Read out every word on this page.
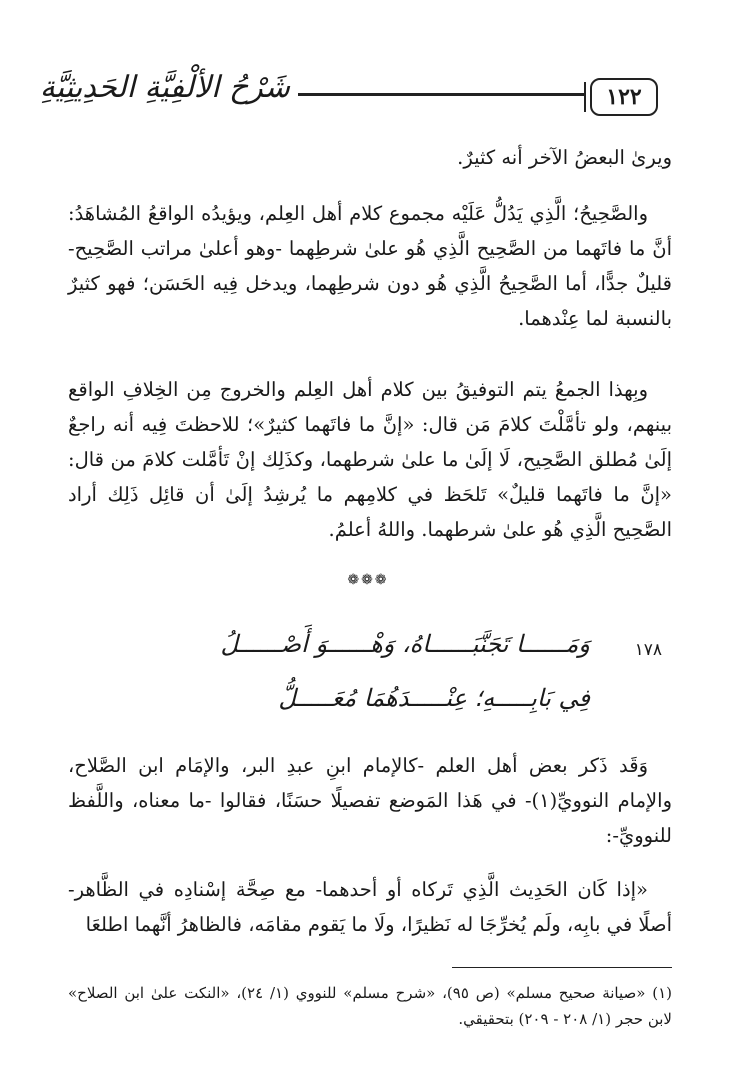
١٢٢
شَرْحُ الألْفِيَّةِ الحَدِيثِيَّةِ

ويرىٰ البعضُ الآخر أنه كثيرٌ.

والصَّحِيحُ؛ الَّذِي يَدُلُّ عَلَيْه مجموع كلام أهل العِلم، ويؤيدُه الواقعُ المُشاهَدُ: أنَّ ما فاتَهما من الصَّحِيح الَّذِي هُو علىٰ شرطِهما -وهو أعلىٰ مراتب الصَّحِيح- قليلٌ جدًّا، أما الصَّحِيحُ الَّذِي هُو دون شرطِهما، ويدخل فِيه الحَسَن؛ فهو كثيرٌ بالنسبة لما عِنْدهما.

وبِهذا الجمعُ يتم التوفيقُ بين كلام أهل العِلم والخروج مِن الخِلافِ الواقع بينهم، ولو تأمَّلْتَ كلامَ مَن قال: «إنَّ ما فاتَهما كثيرٌ»؛ للاحظتَ فِيه أنه راجعٌ إلَىٰ مُطلق الصَّحِيح، لَا إلَىٰ ما علىٰ شرطهما، وكذَلِك إنْ تَأمَّلت كلامَ من قال: «إنَّ ما فاتَهما قليلٌ» تَلحَظ في كلامِهم ما يُرشِدُ إلَىٰ أن قائِل ذَلِك أراد الصَّحِيح الَّذِي هُو علىٰ شرطهما. واللهُ أعلمُ.

❁❁❁
١٧٨
وَمَــــــا تَجَنَّبَــــــاهُ، وَهْــــــوَ أَصْــــــلُ
فِي بَابِـــــهِ؛ عِنْـــــدَهُمَا مُعَـــــلُّ

وَقَد ذَكر بعض أهل العلم -كالإمام ابنِ عبدِ البر، والإمَام ابن الصَّلاح، والإمام النوويِّ(١)- في هَذا المَوضع تفصيلًا حسَنًا، فقالوا -ما معناه، واللَّفظ للنوويِّ-:

«إذا كَان الحَدِيث الَّذِي تَركاه أو أحدهما- مع صِحَّة إسْنادِه في الظَّاهر- أصلًا في بابِه، ولَم يُخرِّجَا له نَظيرًا، ولَا ما يَقوم مقامَه، فالظاهرُ أنَّهما اطلعَا

(١) «صيانة صحيح مسلم» (ص ٩٥)، «شرح مسلم» للنووي (١/ ٢٤)، «النكت علىٰ ابن الصلاح» لابن حجر (١/ ٢٠٨ - ٢٠٩) بتحقيقي.
